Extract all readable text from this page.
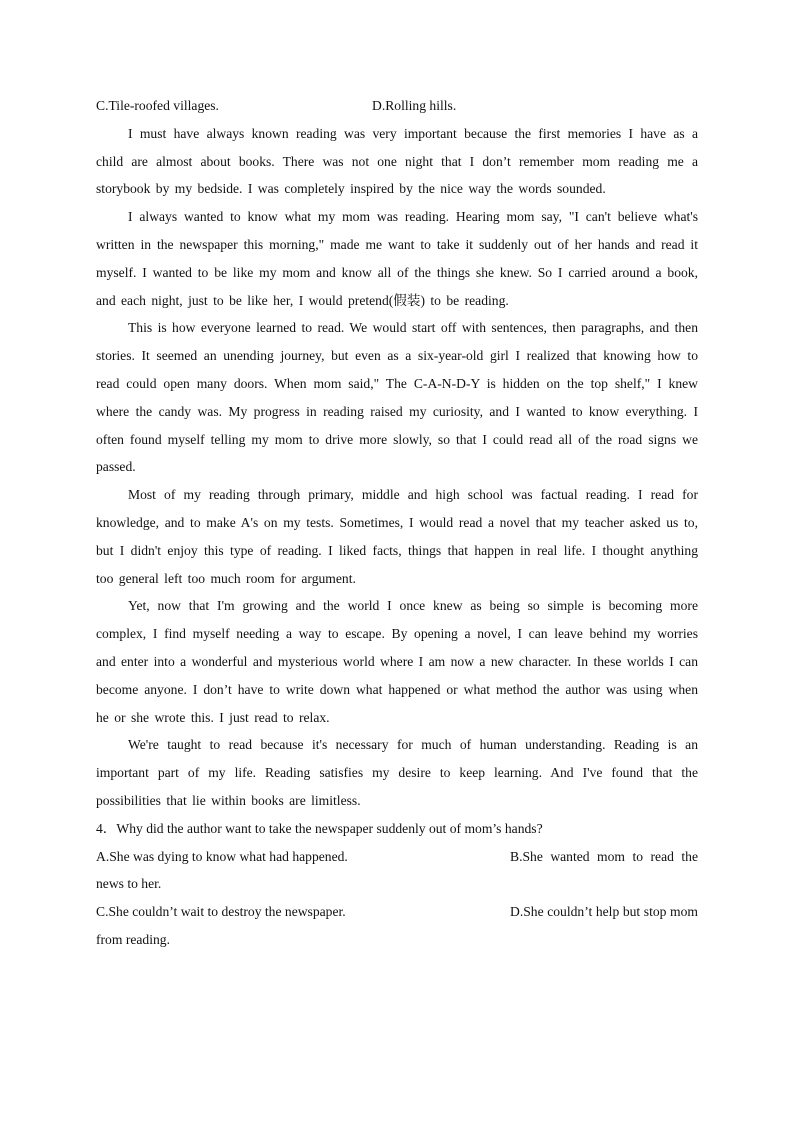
C.Tile-roofed villages.	D.Rolling hills.

I must have always known reading was very important because the first memories I have as a child are almost about books. There was not one night that I don’t remember mom reading me a storybook by my bedside. I was completely inspired by the nice way the words sounded.

I always wanted to know what my mom was reading. Hearing mom say, "I can't believe what's written in the newspaper this morning," made me want to take it suddenly out of her hands and read it myself. I wanted to be like my mom and know all of the things she knew. So I carried around a book, and each night, just to be like her, I would pretend(假装) to be reading.

This is how everyone learned to read. We would start off with sentences, then paragraphs, and then stories. It seemed an unending journey, but even as a six-year-old girl I realized that knowing how to read could open many doors. When mom said," The C-A-N-D-Y is hidden on the top shelf," I knew where the candy was. My progress in reading raised my curiosity, and I wanted to know everything. I often found myself telling my mom to drive more slowly, so that I could read all of the road signs we passed.

Most of my reading through primary, middle and high school was factual reading. I read for knowledge, and to make A's on my tests. Sometimes, I would read a novel that my teacher asked us to, but I didn't enjoy this type of reading. I liked facts, things that happen in real life. I thought anything too general left too much room for argument.

Yet, now that I'm growing and the world I once knew as being so simple is becoming more complex, I find myself needing a way to escape. By opening a novel, I can leave behind my worries and enter into a wonderful and mysterious world where I am now a new character. In these worlds I can become anyone. I don’t have to write down what happened or what method the author was using when he or she wrote this. I just read to relax.

We're taught to read because it's necessary for much of human understanding. Reading is an important part of my life. Reading satisfies my desire to keep learning. And I've found that the possibilities that lie within books are limitless.

4．Why did the author want to take the newspaper suddenly out of mom’s hands?

A.She was dying to know what had happened.	B.She wanted mom to read the news to her.

C.She couldn’t wait to destroy the newspaper.	D.She couldn’t help but stop mom from reading.
